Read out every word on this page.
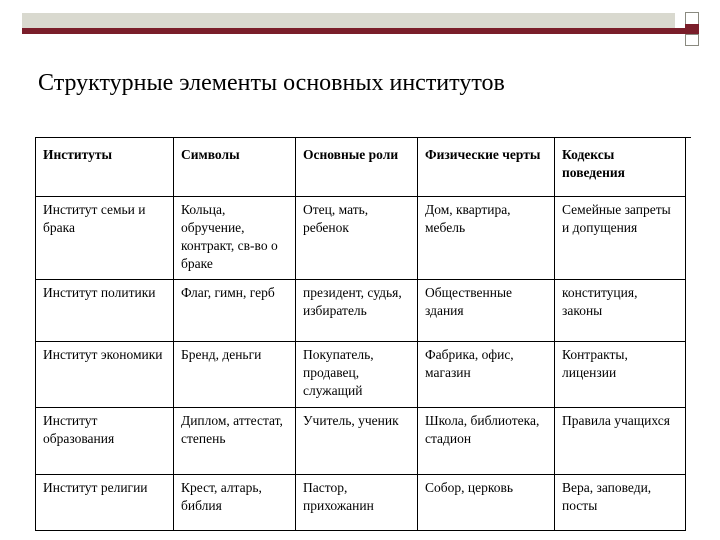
Структурные элементы основных институтов
Институты	Символы	Основные роли	Физические черты	Кодексы поведения
Институт семьи и брака	Кольца, обручение, контракт, св-во о браке	Отец, мать, ребенок	Дом, квартира, мебель	Семейные запреты и допущения
Институт политики	Флаг, гимн, герб	президент, судья, избиратель	Общественные здания	конституция, законы
Институт экономики	Бренд, деньги	Покупатель, продавец, служащий	Фабрика, офис, магазин	Контракты, лицензии
Институт образования	Диплом, аттестат, степень	Учитель, ученик	Школа, библиотека, стадион	Правила учащихся
Институт религии	Крест, алтарь, библия	Пастор, прихожанин	Собор, церковь	Вера, заповеди, посты
